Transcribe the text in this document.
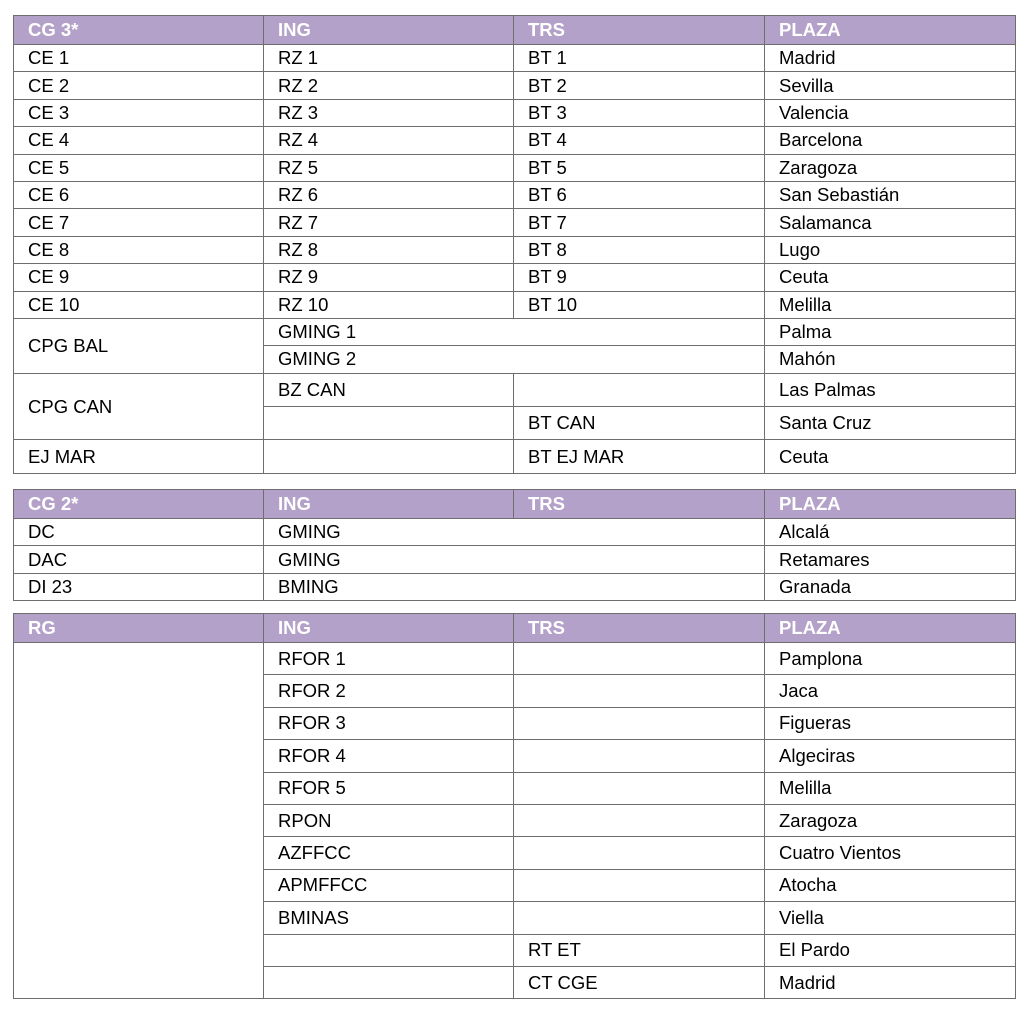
CG 3*	ING	TRS	PLAZA
CE 1	RZ 1	BT 1	Madrid
CE 2	RZ 2	BT 2	Sevilla
CE 3	RZ 3	BT 3	Valencia
CE 4	RZ 4	BT 4	Barcelona
CE 5	RZ 5	BT 5	Zaragoza
CE 6	RZ 6	BT 6	San Sebastián
CE 7	RZ 7	BT 7	Salamanca
CE 8	RZ 8	BT 8	Lugo
CE 9	RZ 9	BT 9	Ceuta
CE 10	RZ 10	BT 10	Melilla
CPG BAL	GMING 1		Palma
	GMING 2		Mahón
CPG CAN	BZ CAN		Las Palmas
		BT CAN	Santa Cruz
EJ MAR		BT EJ MAR	Ceuta
CG 2*	ING	TRS	PLAZA
DC	GMING		Alcalá
DAC	GMING		Retamares
DI 23	BMING		Granada
RG	ING	TRS	PLAZA
	RFOR 1		Pamplona
	RFOR 2		Jaca
	RFOR 3		Figueras
	RFOR 4		Algeciras
	RFOR 5		Melilla
	RPON		Zaragoza
	AZFFCC		Cuatro Vientos
	APMFFCC		Atocha
	BMINAS		Viella
		RT ET	El Pardo
		CT CGE	Madrid
